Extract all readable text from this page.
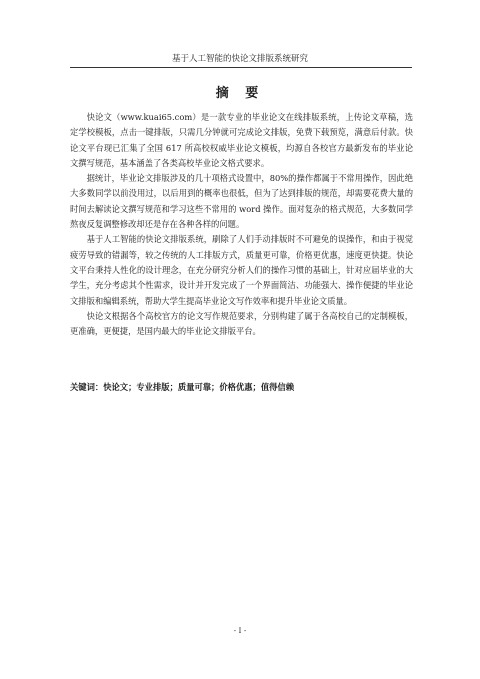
基于人工智能的快论文排版系统研究
摘 要

快论文（www.kuai65.com）是一款专业的毕业论文在线排版系统，上传论文草稿，选定学校模板，点击一键排版，只需几分钟就可完成论文排版，免费下载预览，满意后付款。快论文平台现已汇集了全国 617 所高校权威毕业论文模板，均源自各校官方最新发布的毕业论文撰写规范，基本涵盖了各类高校毕业论文格式要求。

据统计，毕业论文排版涉及的几十项格式设置中，80%的操作都属于不常用操作，因此绝大多数同学以前没用过，以后用到的概率也很低，但为了达到排版的规范，却需要花费大量的时间去解读论文撰写规范和学习这些不常用的 word 操作。面对复杂的格式规范，大多数同学熬夜反复调整修改却还是存在各种各样的问题。

基于人工智能的快论文排版系统，刷除了人们手动排版时不可避免的误操作，和由于视觉疲劳导致的错漏等，较之传统的人工排版方式，质量更可靠，价格更优惠，速度更快捷。快论文平台秉持人性化的设计理念，在充分研究分析人们的操作习惯的基础上，针对应届毕业的大学生，充分考虑其个性需求，设计并开发完成了一个界面简洁、功能强大、操作便捷的毕业论文排版和编辑系统，帮助大学生提高毕业论文写作效率和提升毕业论文质量。

快论文根据各个高校官方的论文写作规范要求，分别构建了属于各高校自己的定制模板，更准确，更便捷，是国内最大的毕业论文排版平台。

关键词：快论文；专业排版；质量可靠；价格优惠；值得信赖
- I -
